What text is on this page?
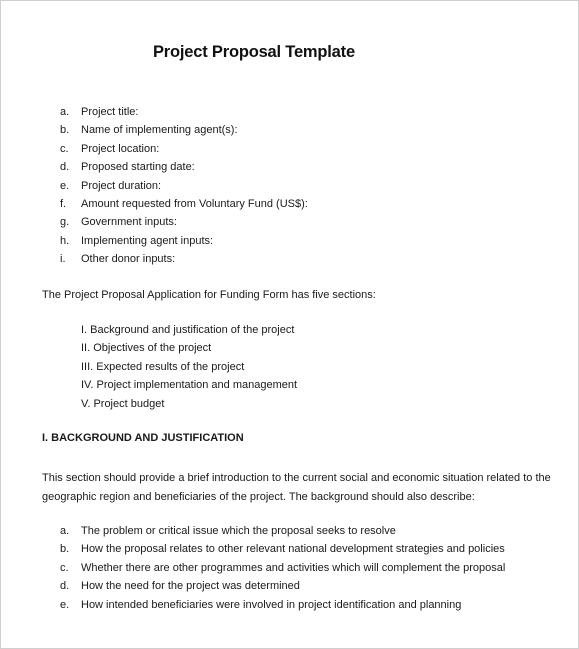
Project Proposal Template
a. Project title:
b. Name of implementing agent(s):
c. Project location:
d. Proposed starting date:
e. Project duration:
f. Amount requested from Voluntary Fund (US$):
g. Government inputs:
h. Implementing agent inputs:
i. Other donor inputs:
The Project Proposal Application for Funding Form has five sections:
I. Background and justification of the project
II. Objectives of the project
III. Expected results of the project
IV. Project implementation and management
V. Project budget
I. BACKGROUND AND JUSTIFICATION
This section should provide a brief introduction to the current social and economic situation related to the
geographic region and beneficiaries of the project. The background should also describe:
a. The problem or critical issue which the proposal seeks to resolve
b. How the proposal relates to other relevant national development strategies and policies
c. Whether there are other programmes and activities which will complement the proposal
d. How the need for the project was determined
e. How intended beneficiaries were involved in project identification and planning
